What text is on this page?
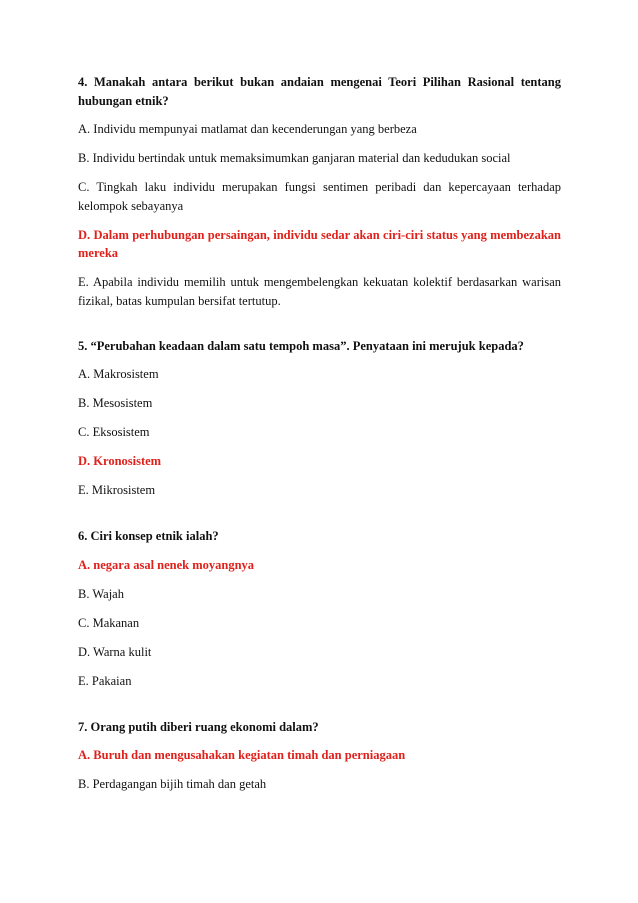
4. Manakah antara berikut bukan andaian mengenai Teori Pilihan Rasional tentang hubungan etnik?

A. Individu mempunyai matlamat dan kecenderungan yang berbeza

B. Individu bertindak untuk memaksimumkan ganjaran material dan kedudukan social

C. Tingkah laku individu merupakan fungsi sentimen peribadi dan kepercayaan terhadap kelompok sebayanya

D. Dalam perhubungan persaingan, individu sedar akan ciri-ciri status yang membezakan mereka

E. Apabila individu memilih untuk mengembelengkan kekuatan kolektif berdasarkan warisan fizikal, batas kumpulan bersifat tertutup.

5. “Perubahan keadaan dalam satu tempoh masa”. Penyataan ini merujuk kepada?

A. Makrosistem

B. Mesosistem

C. Eksosistem

D. Kronosistem

E. Mikrosistem

6. Ciri konsep etnik ialah?

A. negara asal nenek moyangnya

B. Wajah

C. Makanan

D. Warna kulit

E. Pakaian

7. Orang putih diberi ruang ekonomi dalam?

A. Buruh dan mengusahakan kegiatan timah dan perniagaan

B. Perdagangan bijih timah dan getah
